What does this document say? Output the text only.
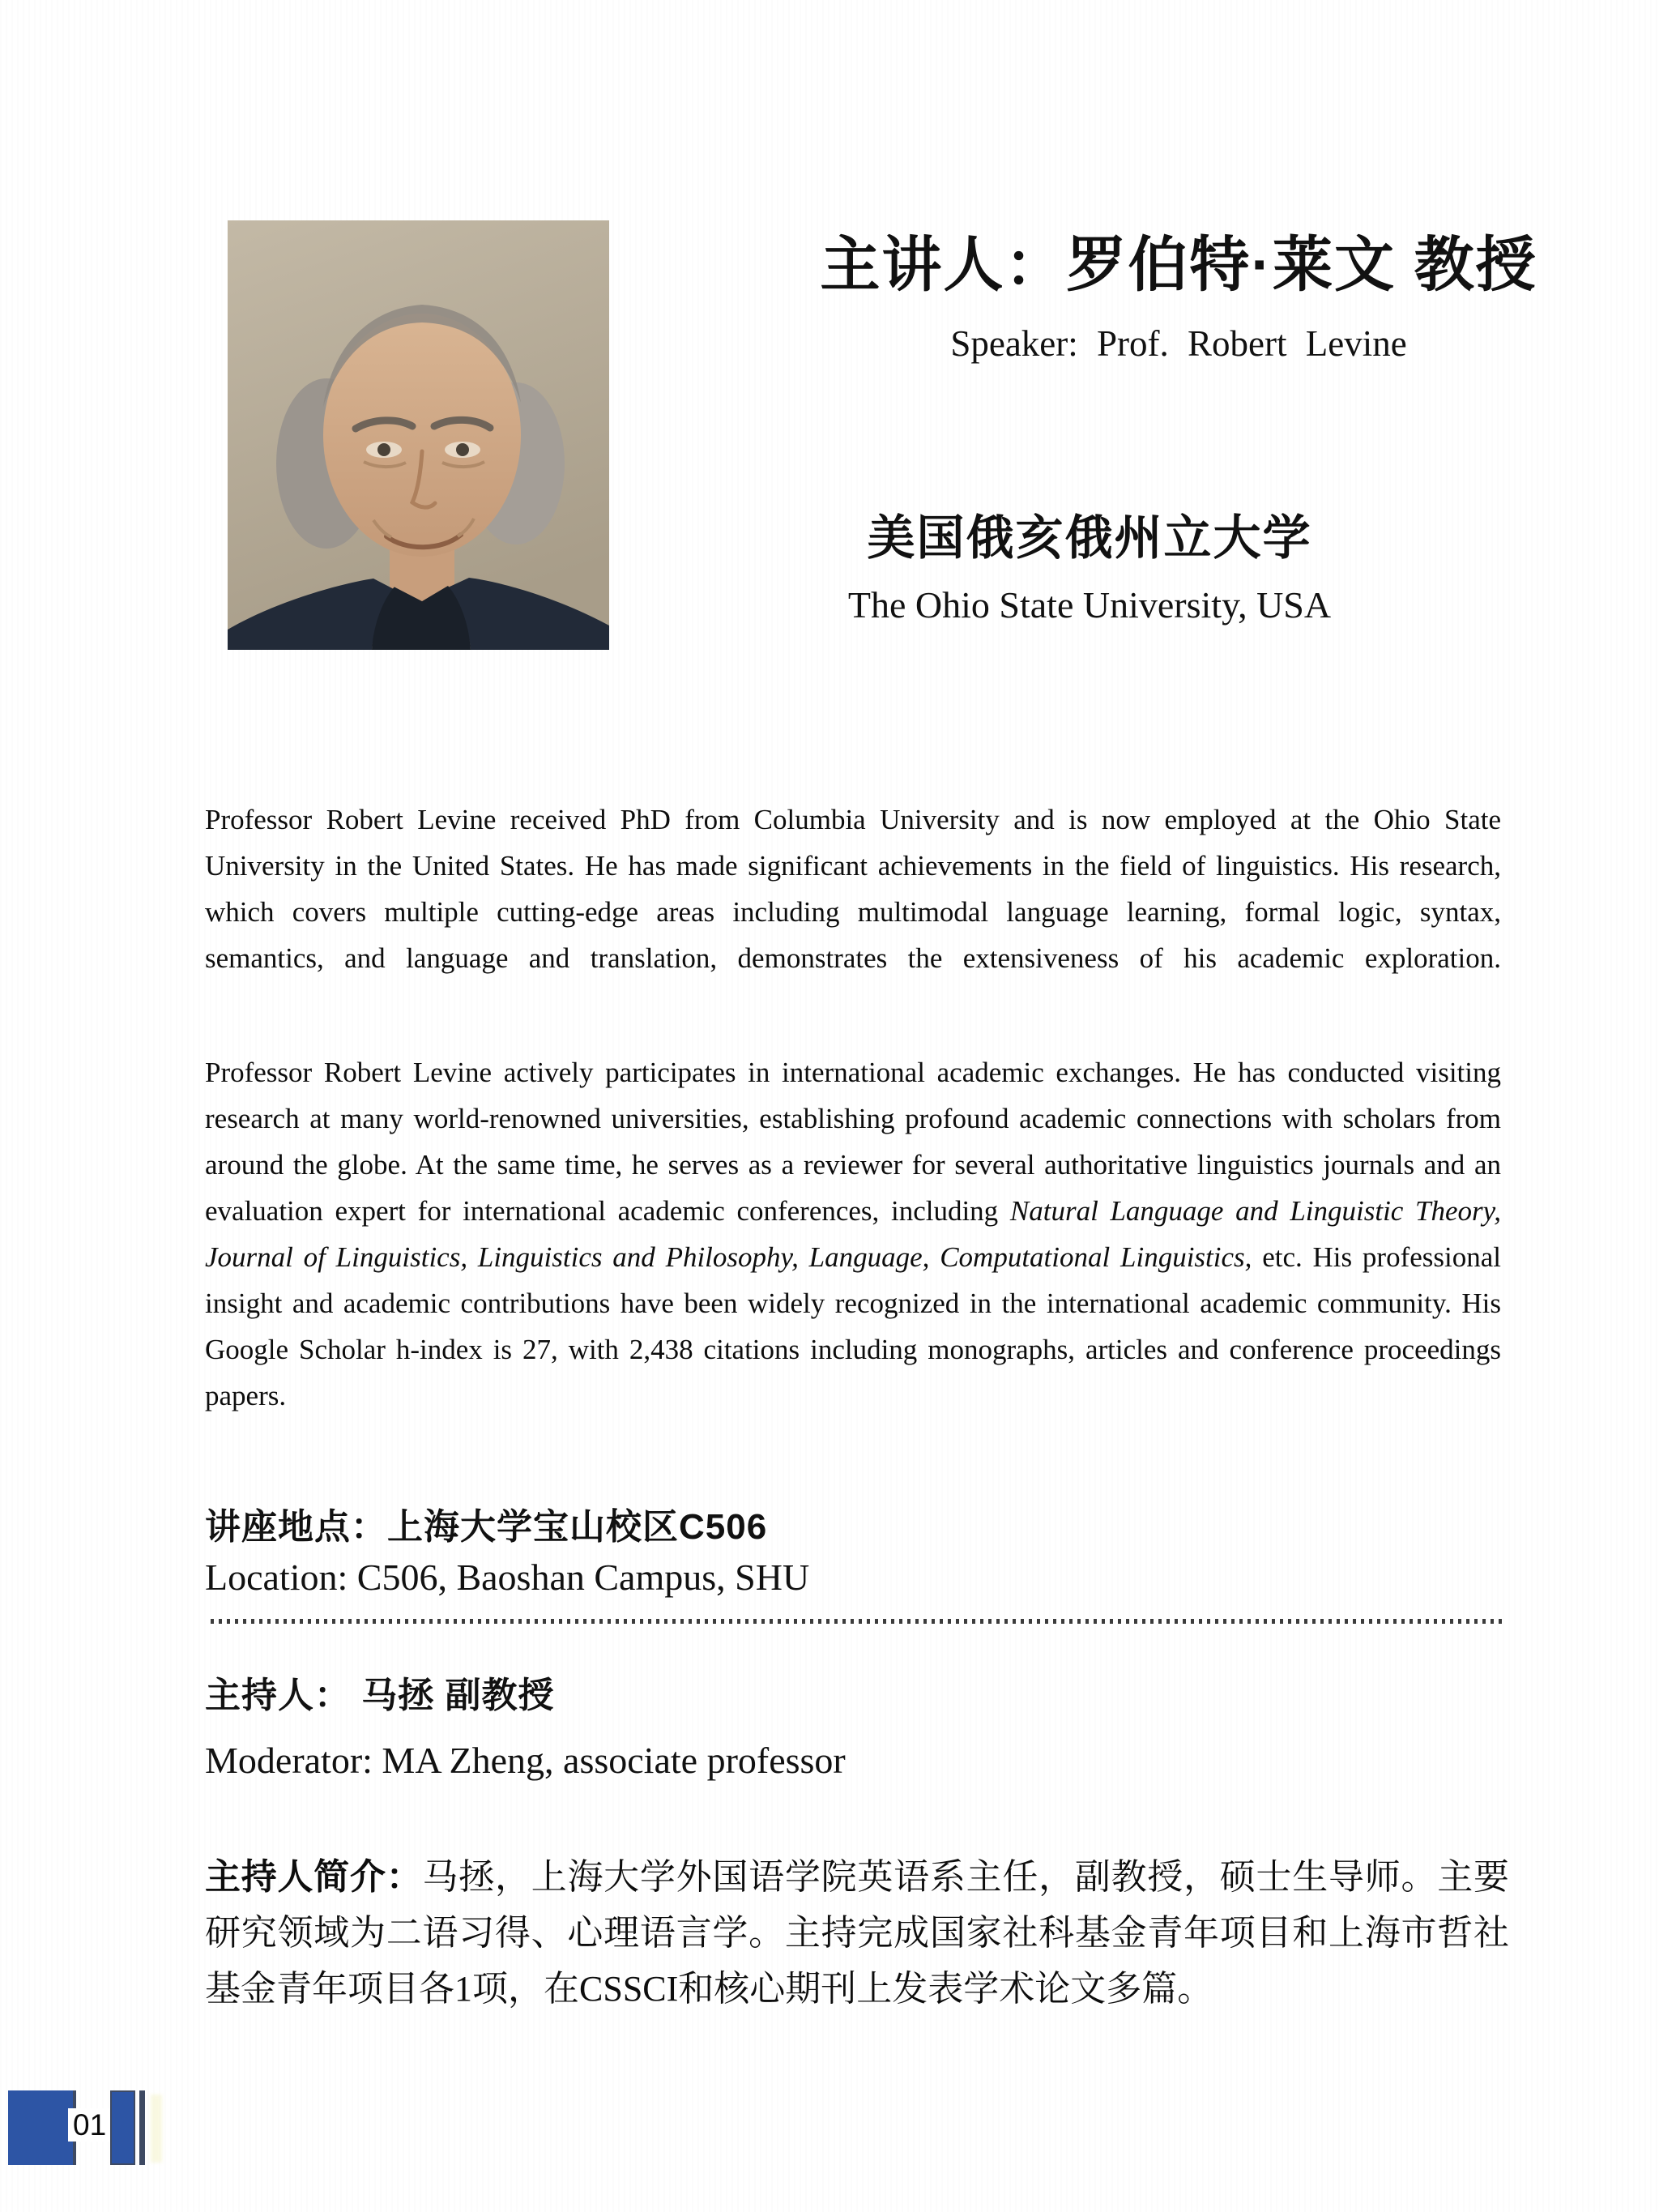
主讲人：罗伯特·莱文 教授
Speaker: Prof. Robert Levine
美国俄亥俄州立大学
The Ohio State University, USA

Professor Robert Levine received PhD from Columbia University and is now employed at the Ohio State University in the United States. He has made significant achievements in the field of linguistics. His research, which covers multiple cutting-edge areas including multimodal language learning, formal logic, syntax, semantics, and language and translation, demonstrates the extensiveness of his academic exploration.

Professor Robert Levine actively participates in international academic exchanges. He has conducted visiting research at many world-renowned universities, establishing profound academic connections with scholars from around the globe. At the same time, he serves as a reviewer for several authoritative linguistics journals and an evaluation expert for international academic conferences, including Natural Language and Linguistic Theory, Journal of Linguistics, Linguistics and Philosophy, Language, Computational Linguistics, etc. His professional insight and academic contributions have been widely recognized in the international academic community. His Google Scholar h-index is 27, with 2,438 citations including monographs, articles and conference proceedings papers.

讲座地点：上海大学宝山校区C506
Location: C506, Baoshan Campus, SHU
主持人： 马拯 副教授
Moderator: MA Zheng, associate professor

主持人简介：马拯，上海大学外国语学院英语系主任，副教授，硕士生导师。主要研究领域为二语习得、心理语言学。主持完成国家社科基金青年项目和上海市哲社基金青年项目各1项，在CSSCI和核心期刊上发表学术论文多篇。

01
